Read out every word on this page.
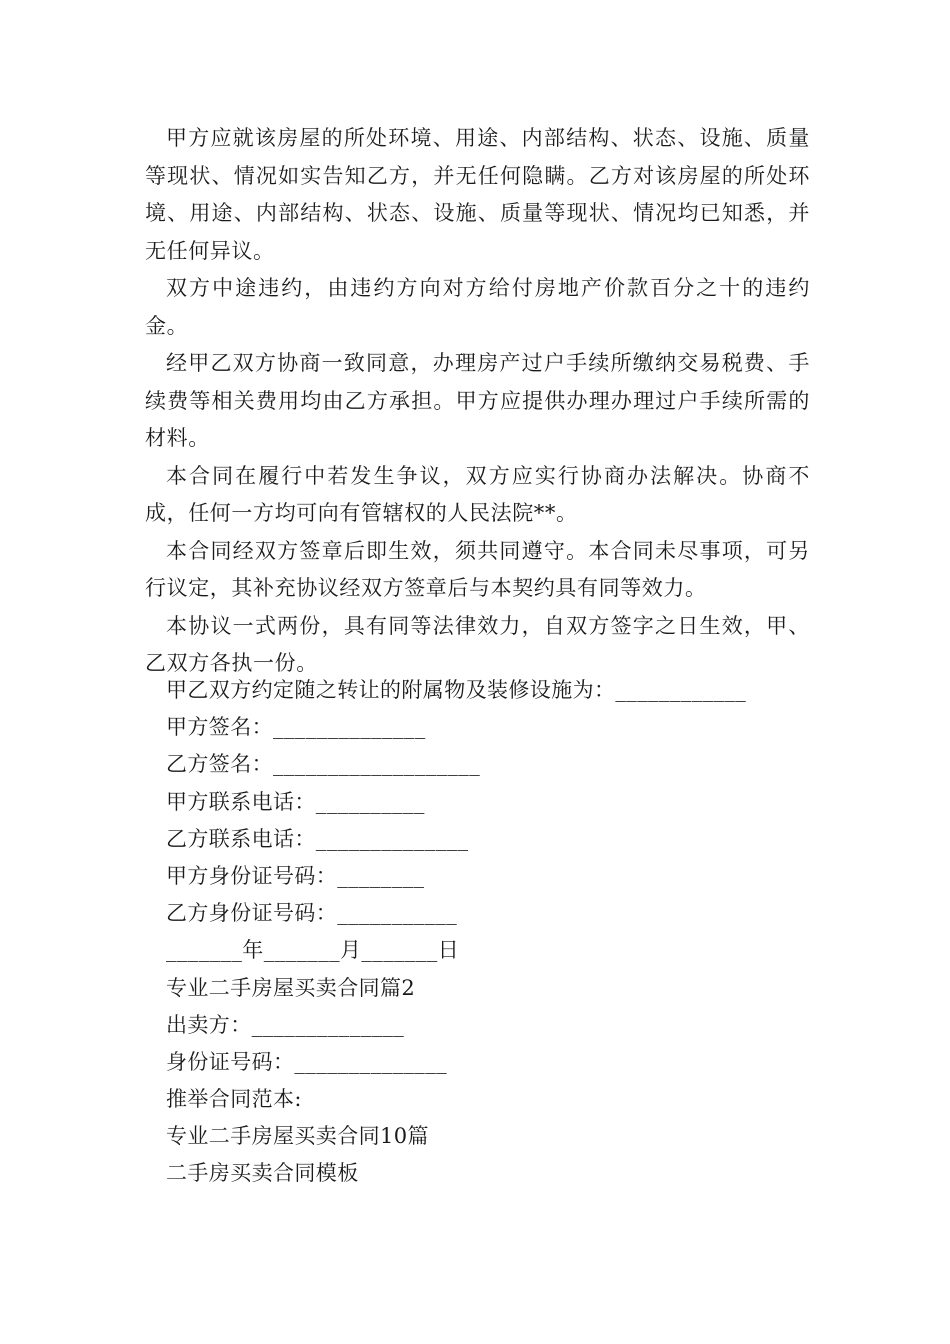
甲方应就该房屋的所处环境、用途、内部结构、状态、设施、质量等现状、情况如实告知乙方，并无任何隐瞒。乙方对该房屋的所处环境、用途、内部结构、状态、设施、质量等现状、情况均已知悉，并无任何异议。

双方中途违约，由违约方向对方给付房地产价款百分之十的违约金。

经甲乙双方协商一致同意，办理房产过户手续所缴纳交易税费、手续费等相关费用均由乙方承担。甲方应提供办理办理过户手续所需的材料。

本合同在履行中若发生争议，双方应实行协商办法解决。协商不成，任何一方均可向有管辖权的人民法院**。

本合同经双方签章后即生效，须共同遵守。本合同未尽事项，可另行议定，其补充协议经双方签章后与本契约具有同等效力。

本协议一式两份，具有同等法律效力，自双方签字之日生效，甲、乙双方各执一份。

甲乙双方约定随之转让的附属物及装修设施为：____________
甲方签名：______________
乙方签名：___________________
甲方联系电话：__________
乙方联系电话：______________
甲方身份证号码：________
乙方身份证号码：___________
_______年_______月_______日
专业二手房屋买卖合同篇2
出卖方：______________
身份证号码：______________
推举合同范本:
专业二手房屋买卖合同10篇
二手房买卖合同模板
